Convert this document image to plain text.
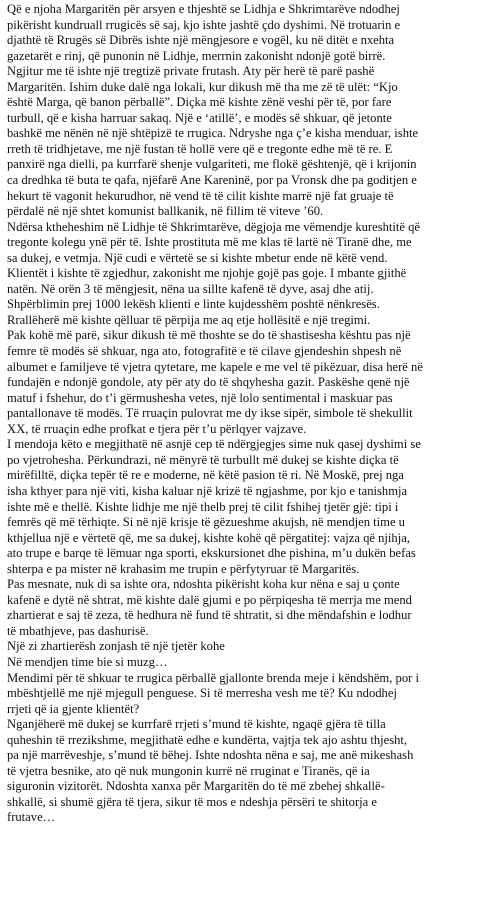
Që e njoha Margaritën për arsyen e thjeshtë se Lidhja e Shkrimtarëve ndodhej
pikërisht kundruall rrugicës së saj, kjo ishte jashtë çdo dyshimi. Në trotuarin e
djathtë të Rrugës së Dibrës ishte një mëngjesore e vogël, ku në ditët e nxehta
gazetarët e rinj, që punonin në Lidhje, merrnin zakonisht ndonjë gotë birrë.

Ngjitur me të ishte një tregtizë private frutash. Aty për herë të parë pashë
Margaritën. Ishim duke dalë nga lokali, kur dikush më tha me zë të ulët: “Kjo
është Marga, që banon përballë”. Diçka më kishte zënë veshi për të, por fare
turbull, që e kisha harruar sakaq. Një e ‘atillë’, e modës së shkuar, që jetonte
bashkë me nënën në një shtëpizë te rrugica. Ndryshe nga ç’e kisha menduar, ishte
rreth të tridhjetave, me një fustan të hollë vere që e tregonte edhe më të re. E
panxirë nga dielli, pa kurrfarë shenje vulgariteti, me flokë gështenjë, që i krijonin
ca dredhka të buta te qafa, njëfarë Ane Kareninë, por pa Vronsk dhe pa goditjen e
hekurt të vagonit hekurudhor, në vend të të cilit kishte marrë një fat gruaje të
përdalë në një shtet komunist ballkanik, në fillim të viteve ’60.

Ndërsa ktheheshim në Lidhje të Shkrimtarëve, dëgjoja me vëmendje kureshtitë që
tregonte kolegu ynë për të. Ishte prostituta më me klas të lartë në Tiranë dhe, me
sa dukej, e vetmja. Një cudi e vërtetë se si kishte mbetur ende në këtë vend.

Klientët i kishte të zgjedhur, zakonisht me njohje gojë pas goje. I mbante gjithë
natën. Në orën 3 të mëngjesit, nëna ua sillte kafenë të dyve, asaj dhe atij.
Shpërblimin prej 1000 lekësh klienti e linte kujdesshëm poshtë nënkresës.
Rrallëherë më kishte qëlluar të përpija me aq etje hollësitë e një tregimi.

Pak kohë më parë, sikur dikush të më thoshte se do të shastisesha kështu pas një
femre të modës së shkuar, nga ato, fotografitë e të cilave gjendeshin shpesh në
albumet e familjeve të vjetra qytetare, me kapele e me vel të pikëzuar, disa herë në
fundajën e ndonjë gondole, aty për aty do të shqyhesha gazit. Paskëshe qenë një
matuf i fshehur, do t’i gërmushesha vetes, një lolo sentimental i maskuar pas
pantallonave të modës. Të rruaçin pulovrat me dy ikse sipër, simbole të shekullit
XX, të rruaçin edhe profkat e tjera për t’u përlqyer vajzave.

I mendoja këto e megjithatë në asnjë cep të ndërgjegjes sime nuk qasej dyshimi se
po vjetrohesha. Përkundrazi, në mënyrë të turbullt më dukej se kishte diçka të
mirëfilltë, diçka tepër të re e moderne, në këtë pasion të ri. Në Moskë, prej nga
isha kthyer para një viti, kisha kaluar një krizë të ngjashme, por kjo e tanishmja
ishte më e thellë. Kishte lidhje me një thelb prej të cilit fshihej tjetër gjë: tipi i
femrës që më tërhiqte. Si në një krisje të gëzueshme akujsh, në mendjen time u
kthjellua një e vërtetë që, me sa dukej, kishte kohë që përgatitej: vajza që njihja,
ato trupe e barqe të lëmuar nga sporti, ekskursionet dhe pishina, m’u dukën befas
shterpa e pa mister në krahasim me trupin e përfytyruar të Margaritës.

Pas mesnate, nuk di sa ishte ora, ndoshta pikërisht koha kur nëna e saj u çonte
kafenë e dytë në shtrat, më kishte dalë gjumi e po përpiqesha të merrja me mend
zhartierat e saj të zeza, të hedhura në fund të shtratit, si dhe mëndafshin e lodhur
të mbathjeve, pas dashurisë.

Një zi zhartierësh zonjash të një tjetër kohe
Në mendjen time bie si muzg…

Mendimi për të shkuar te rrugica përballë gjallonte brenda meje i këndshëm, por i
mbështjellë me një mjegull penguese. Si të merresha vesh me të? Ku ndodhej
rrjeti që ia gjente klientët?

Nganjëherë më dukej se kurrfarë rrjeti s’mund të kishte, ngaqë gjëra të tilla
quheshin të rrezikshme, megjithatë edhe e kundërta, vajtja tek ajo ashtu thjesht,
pa një marrëveshje, s’mund të bëhej. Ishte ndoshta nëna e saj, me anë mikeshash
të vjetra besnike, ato që nuk mungonin kurrë në rruginat e Tiranës, që ia
siguronin vizitorët. Ndoshta xanxa për Margaritën do të më zbehej shkallë-
shkallë, si shumë gjëra të tjera, sikur të mos e ndeshja përsëri te shitorja e
frutave…
